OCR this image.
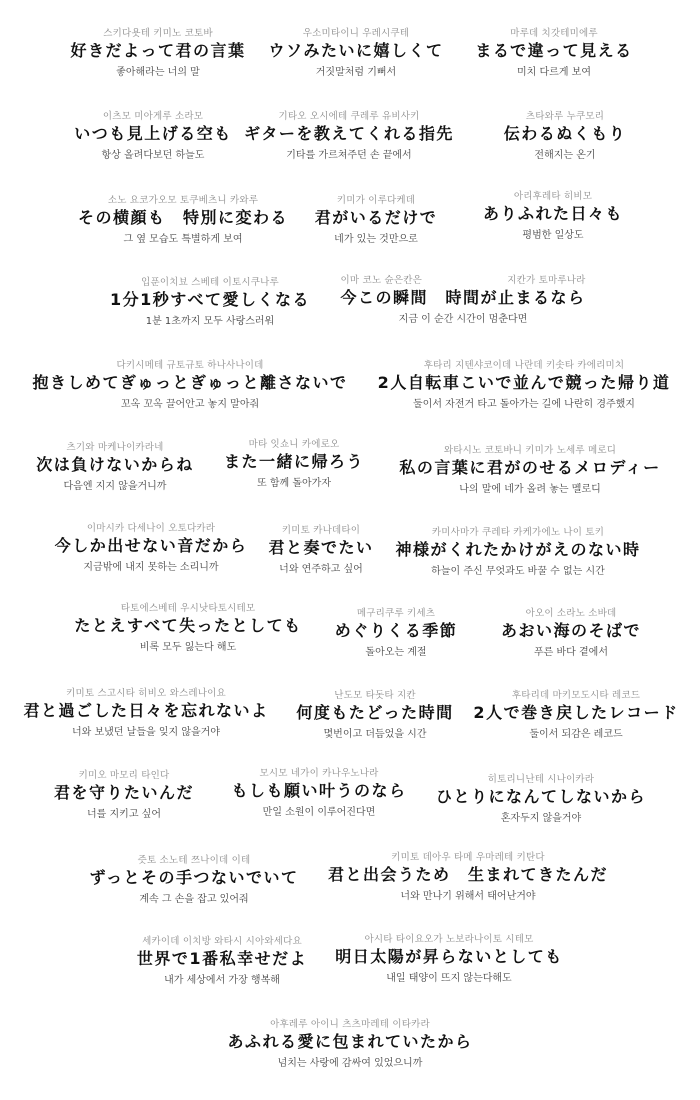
스키다욧테 키미노 코토바
好きだよって君の言葉
좋아해라는 너의 말
우소미타이니 우레시쿠테
ウソみたいに嬉しくて
거짓말처럼 기뻐서
마루데 치갓테미에루
まるで違って見える
미치 다르게 보여
이츠모 미아게루 소라모
いつも見上げる空も
항상 올려다보던 하늘도
기타오 오시에테 쿠레루 유비사키
ギターを教えてくれる指先
기타를 가르쳐주던 손 끝에서
츠타와루 누쿠모리
伝わるぬくもり
전해지는 온기
소노 요코가오모 토쿠베츠니 카와루
その横顔も　特別に変わる
그 옆 모습도 특별하게 보여
키미가 이루다케데
君がいるだけで
네가 있는 것만으로
아리후레타 히비모
ありふれた日々も
평범한 일상도
입푼이치뵤 스베테 이토시쿠나루
1分1秒すべて愛しくなる
1분 1초까지 모두 사랑스러워
이마 코노 슌은칸은	지칸가 토마루나라
今この瞬間　時間が止まるなら
지금 이 순간 시간이 멈춘다면
다키시메테 규토규토 하나사나이데
抱きしめてぎゅっとぎゅっと離さないで
꼬옥 꼬옥 끌어안고 놓지 말아줘
후타리 지텐샤코이데 나란데 키솟타 카에리미치
2人自転車こいで並んで競った帰り道
둘이서 자전거 타고 돌아가는 길에 나란히 경주했지
츠기와 마케나이카라네
次は負けないからね
다음엔 지지 않을거니까
마타 잇쇼니 카에로오
また一緒に帰ろう
또 함께 돌아가자
와타시노 코토바니 키미가 노세루 메로디
私の言葉に君がのせるメロディー
나의 말에 네가 올려 놓는 멜로디
이마시카 다세나이 오토다카라
今しか出せない音だから
지금밖에 내지 못하는 소리니까
키미토 카나데타이
君と奏でたい
너와 연주하고 싶어
카미사마가 쿠레타 카케가에노 나이 토키
神様がくれたかけがえのない時
하늘이 주신 무엇과도 바꿀 수 없는 시간
타토에스베테 우시낫타토시테모
たとえすべて失ったとしても
비록 모두 잃는다 해도
메구리쿠루 키세츠
めぐりくる季節
돌아오는 계절
아오이 소라노 소바데
あおい海のそばで
푸른 바다 곁에서
키미토 스고시타 히비오 와스레나이요
君と過ごした日々を忘れないよ
너와 보냈던 날들을 잊지 않을거야
난도모 타돗타 지칸
何度もたどった時間
몇번이고 더듬었을 시간
후타리데 마키모도시타 레코드
2人で巻き戻したレコード
둘이서 되감은 레코드
키미오 마모리 타인다
君を守りたいんだ
너를 지키고 싶어
모시모 네가이 카나우노나라
もしも願い叶うのなら
만일 소원이 이루어진다면
히토리니난테 시나이카라
ひとりになんてしないから
혼자두지 않을거야
즛토 소노테 쯔나이데 이테
ずっとその手つないでいて
계속 그 손을 잡고 있어줘
키미토 데아우 타메 우마레테 키탄다
君と出会うため　生まれてきたんだ
너와 만나기 위해서 태어난거야
세카이데 이치방 와타시 시아와세다요
世界で1番私幸せだよ
내가 세상에서 가장 행복해
아시타 타이요오가 노보라나이토 시테모
明日太陽が昇らないとしても
내일 태양이 뜨지 않는다해도
아후레루 아이니 츠츠마레테 이타카라
あふれる愛に包まれていたから
넘치는 사랑에 감싸여 있었으니까
